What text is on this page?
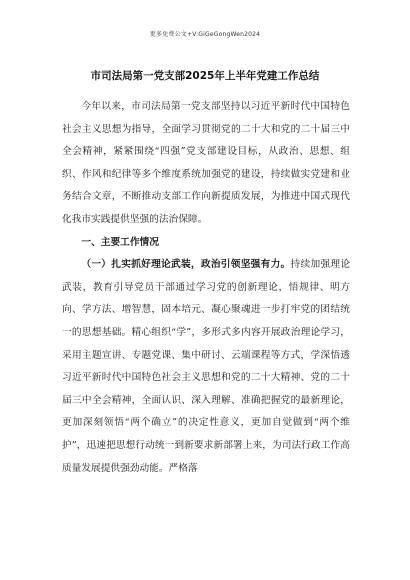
更多免费公文+V:GiGeGongWen2024
市司法局第一党支部2025年上半年党建工作总结

今年以来，市司法局第一党支部坚持以习近平新时代中国特色社会主义思想为指导，全面学习贯彻党的二十大和党的二十届三中全会精神，紧紧围绕“四强”党支部建设目标，从政治、思想、组织、作风和纪律等多个维度系统加强党的建设，持续做实党建和业务结合文章，不断推动支部工作向新提质发展，为推进中国式现代化我市实践提供坚强的法治保障。

一、主要工作情况

（一）扎实抓好理论武装，政治引领坚强有力。持续加强理论武装，教育引导党员干部通过学习党的创新理论，悟规律、明方向、学方法、增智慧，固本培元、凝心聚魂进一步打牢党的团结统一的思想基础。精心组织“学”，多形式多内容开展政治理论学习，采用主题宣讲、专题党课、集中研讨、云端课程等方式，学深悟透习近平新时代中国特色社会主义思想和党的二十大精神、党的二十届三中全会精神，全面认识、深入理解、准确把握党的最新理论，更加深刻领悟“两个确立”的决定性意义，更加自觉做到“两个维护”，迅速把思想行动统一到新要求新部署上来，为司法行政工作高质量发展提供强劲动能。严格落
